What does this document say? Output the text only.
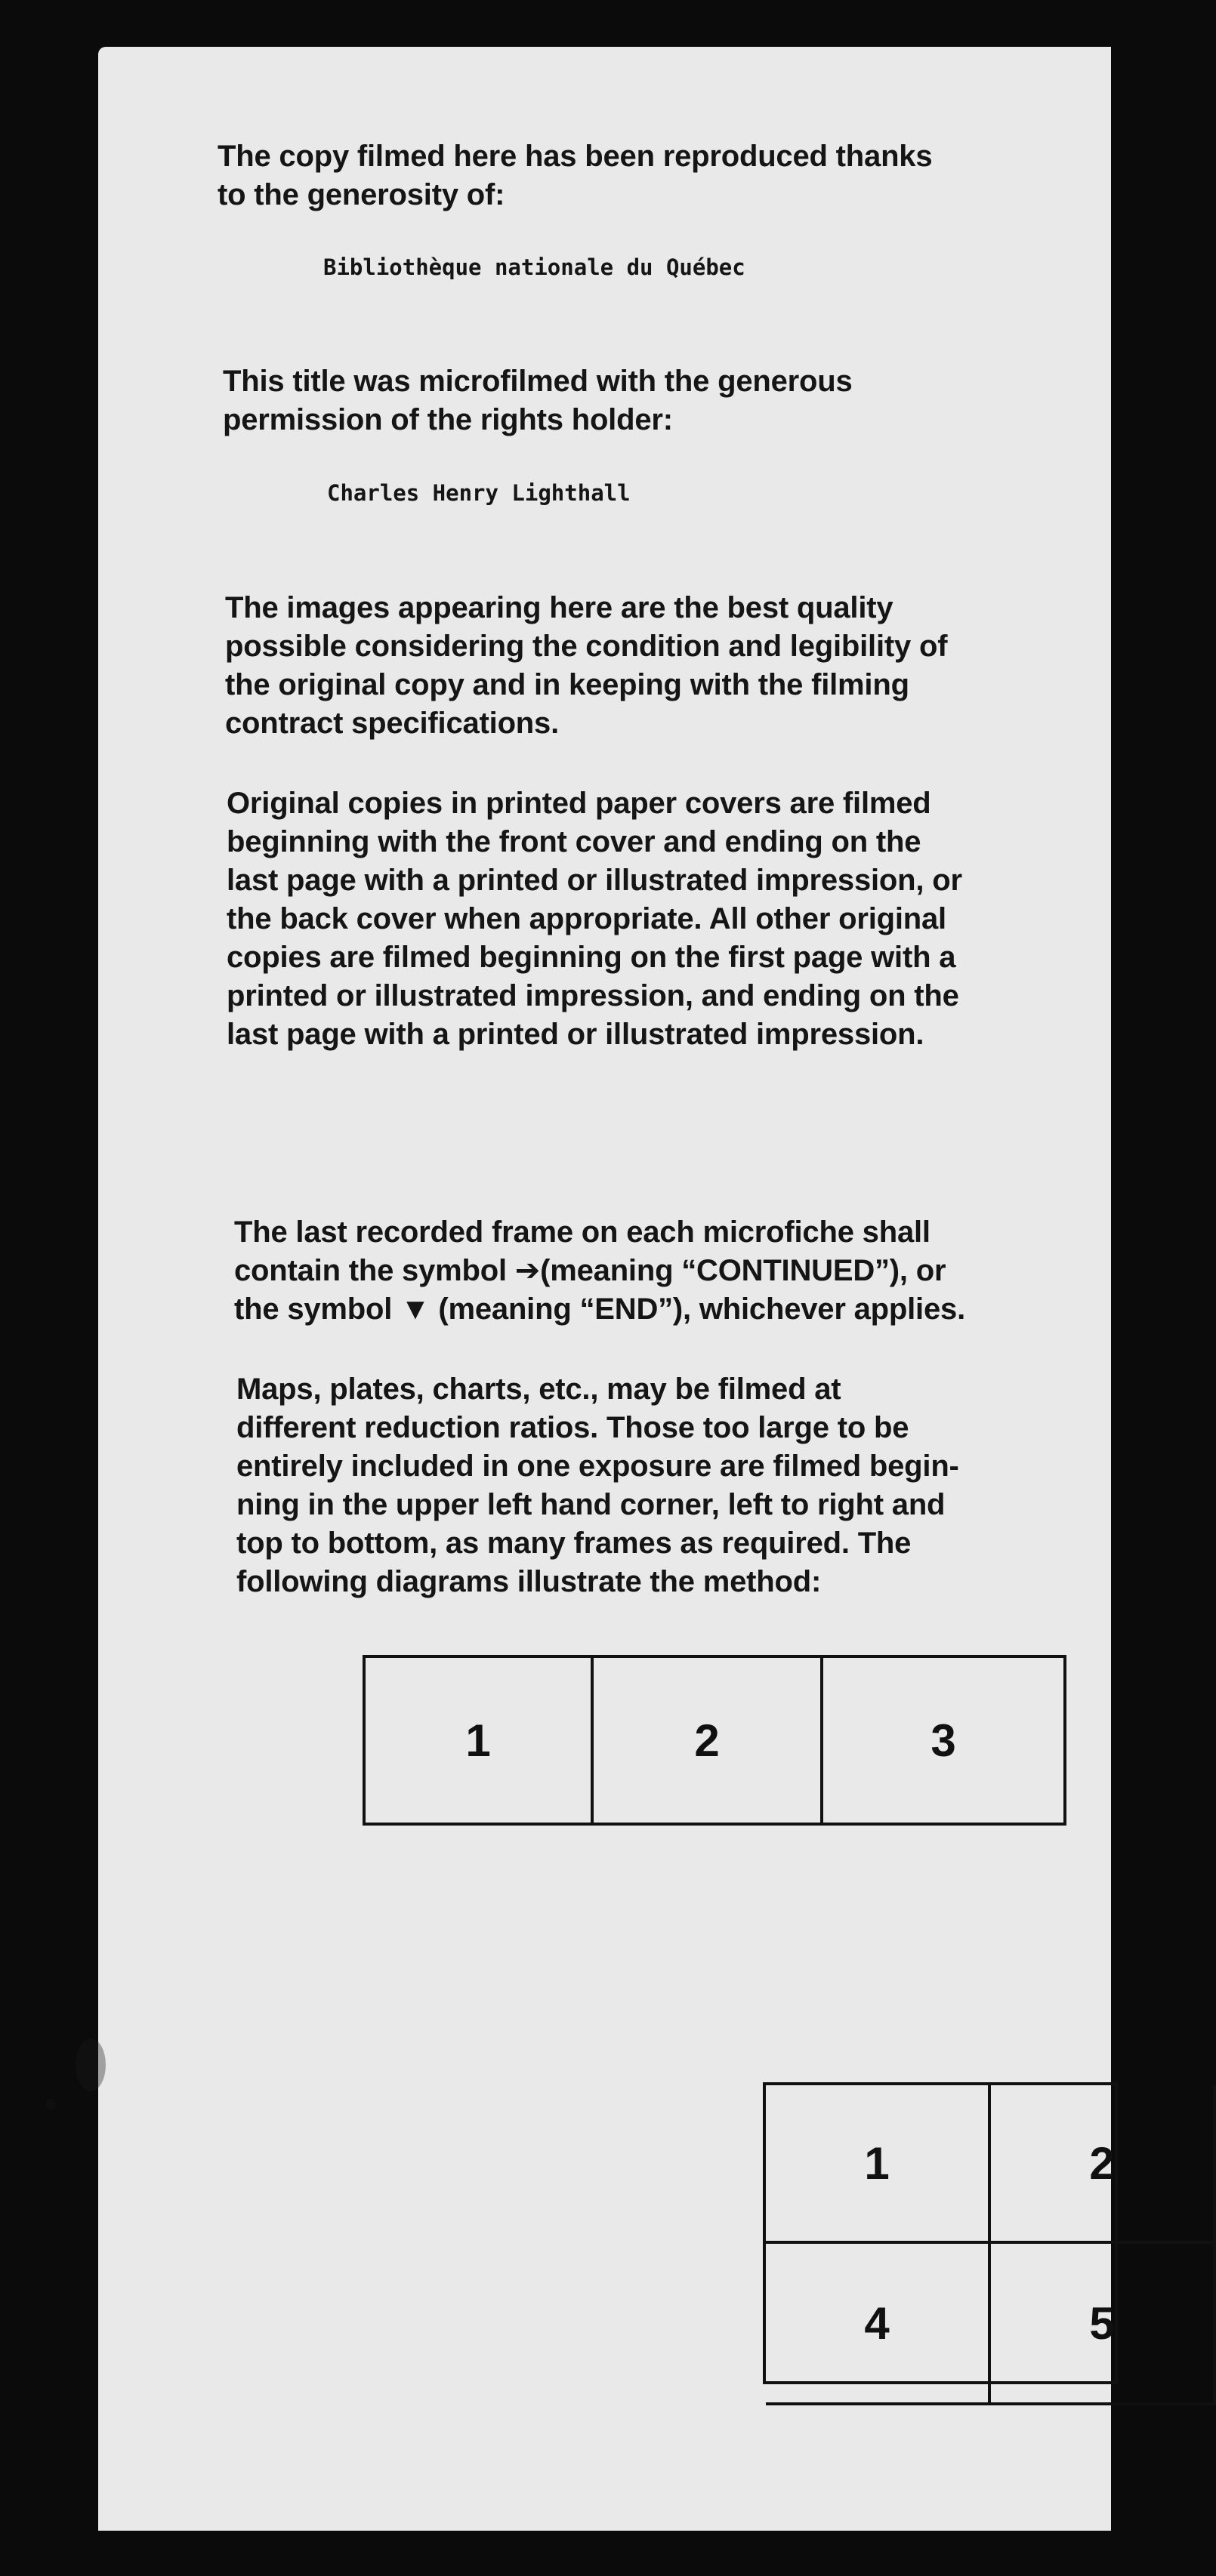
The copy filmed here has been reproduced thanks
to the generosity of:
Bibliothèque nationale du Québec
This title was microfilmed with the generous
permission of the rights holder:
Charles Henry Lighthall
The images appearing here are the best quality
possible considering the condition and legibility of
the original copy and in keeping with the filming
contract specifications.
Original copies in printed paper covers are filmed
beginning with the front cover and ending on the
last page with a printed or illustrated impression, or
the back cover when appropriate. All other original
copies are filmed beginning on the first page with a
printed or illustrated impression, and ending on the
last page with a printed or illustrated impression.
The last recorded frame on each microfiche shall
contain the symbol ➔(meaning “CONTINUED”), or
the symbol ▼ (meaning “END”), whichever applies.
Maps, plates, charts, etc., may be filmed at
different reduction ratios. Those too large to be
entirely included in one exposure are filmed begin-
ning in the upper left hand corner, left to right and
top to bottom, as many frames as required. The
following diagrams illustrate the method:
1	2	3
1	2
4	5
